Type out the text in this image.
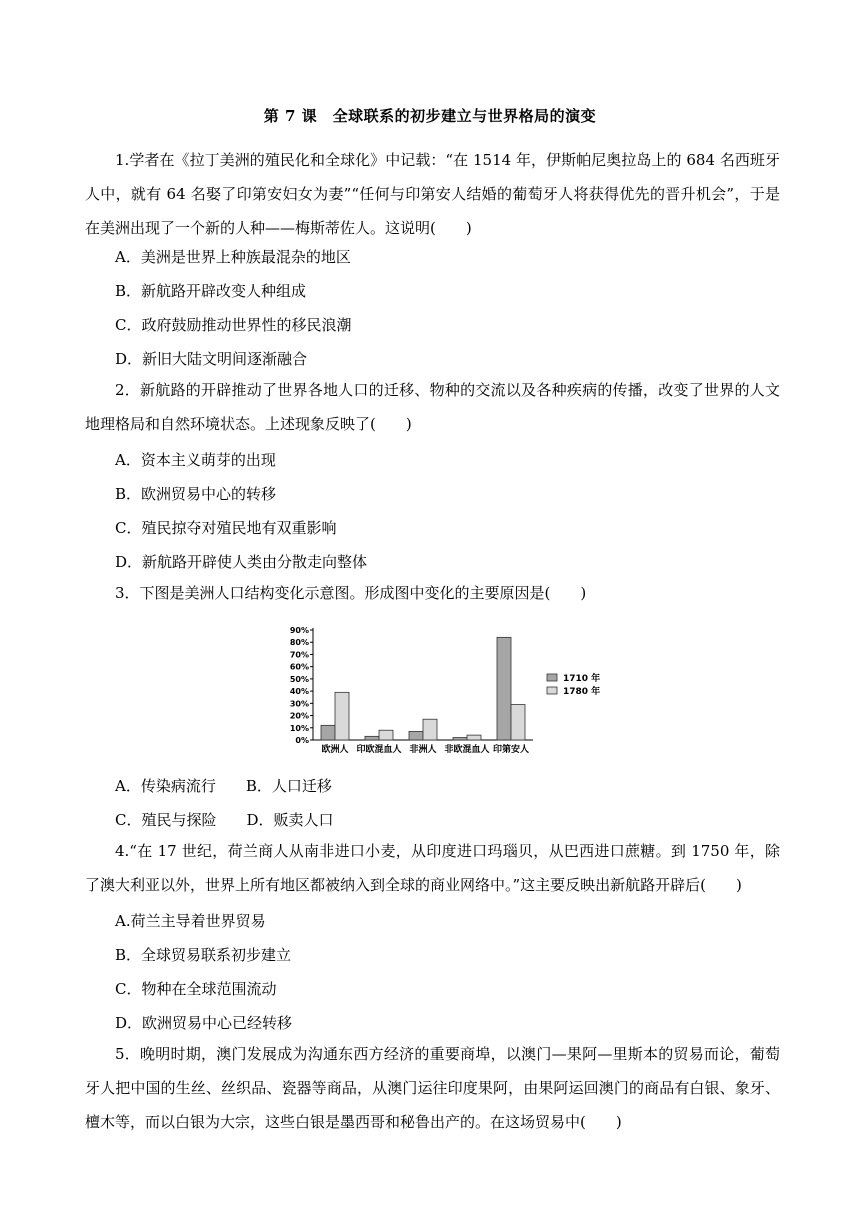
第 7 课　全球联系的初步建立与世界格局的演变
1.学者在《拉丁美洲的殖民化和全球化》中记载：“在 1514 年，伊斯帕尼奥拉岛上的 684 名西班牙人中，就有 64 名娶了印第安妇女为妻”“任何与印第安人结婚的葡萄牙人将获得优先的晋升机会”，于是在美洲出现了一个新的人种——梅斯蒂佐人。这说明(　　)
A．美洲是世界上种族最混杂的地区
B．新航路开辟改变人种组成
C．政府鼓励推动世界性的移民浪潮
D．新旧大陆文明间逐渐融合
2．新航路的开辟推动了世界各地人口的迁移、物种的交流以及各种疾病的传播，改变了世界的人文地理格局和自然环境状态。上述现象反映了(　　)
A．资本主义萌芽的出现
B．欧洲贸易中心的转移
C．殖民掠夺对殖民地有双重影响
D．新航路开辟使人类由分散走向整体
3．下图是美洲人口结构变化示意图。形成图中变化的主要原因是(　　)
0%
10%
20%
30%
40%
50%
60%
70%
80%
90%
欧洲人 印欧混血人 非洲人 非欧混血人 印第安人
1710 年
1780 年
A．传染病流行　　B．人口迁移
C．殖民与探险　　D．贩卖人口
4.“在 17 世纪，荷兰商人从南非进口小麦，从印度进口玛瑙贝，从巴西进口蔗糖。到 1750 年，除了澳大利亚以外，世界上所有地区都被纳入到全球的商业网络中。”这主要反映出新航路开辟后(　　)
A.荷兰主导着世界贸易
B．全球贸易联系初步建立
C．物种在全球范围流动
D．欧洲贸易中心已经转移
5．晚明时期，澳门发展成为沟通东西方经济的重要商埠，以澳门—果阿—里斯本的贸易而论，葡萄牙人把中国的生丝、丝织品、瓷器等商品，从澳门运往印度果阿，由果阿运回澳门的商品有白银、象牙、檀木等，而以白银为大宗，这些白银是墨西哥和秘鲁出产的。在这场贸易中(　　)
